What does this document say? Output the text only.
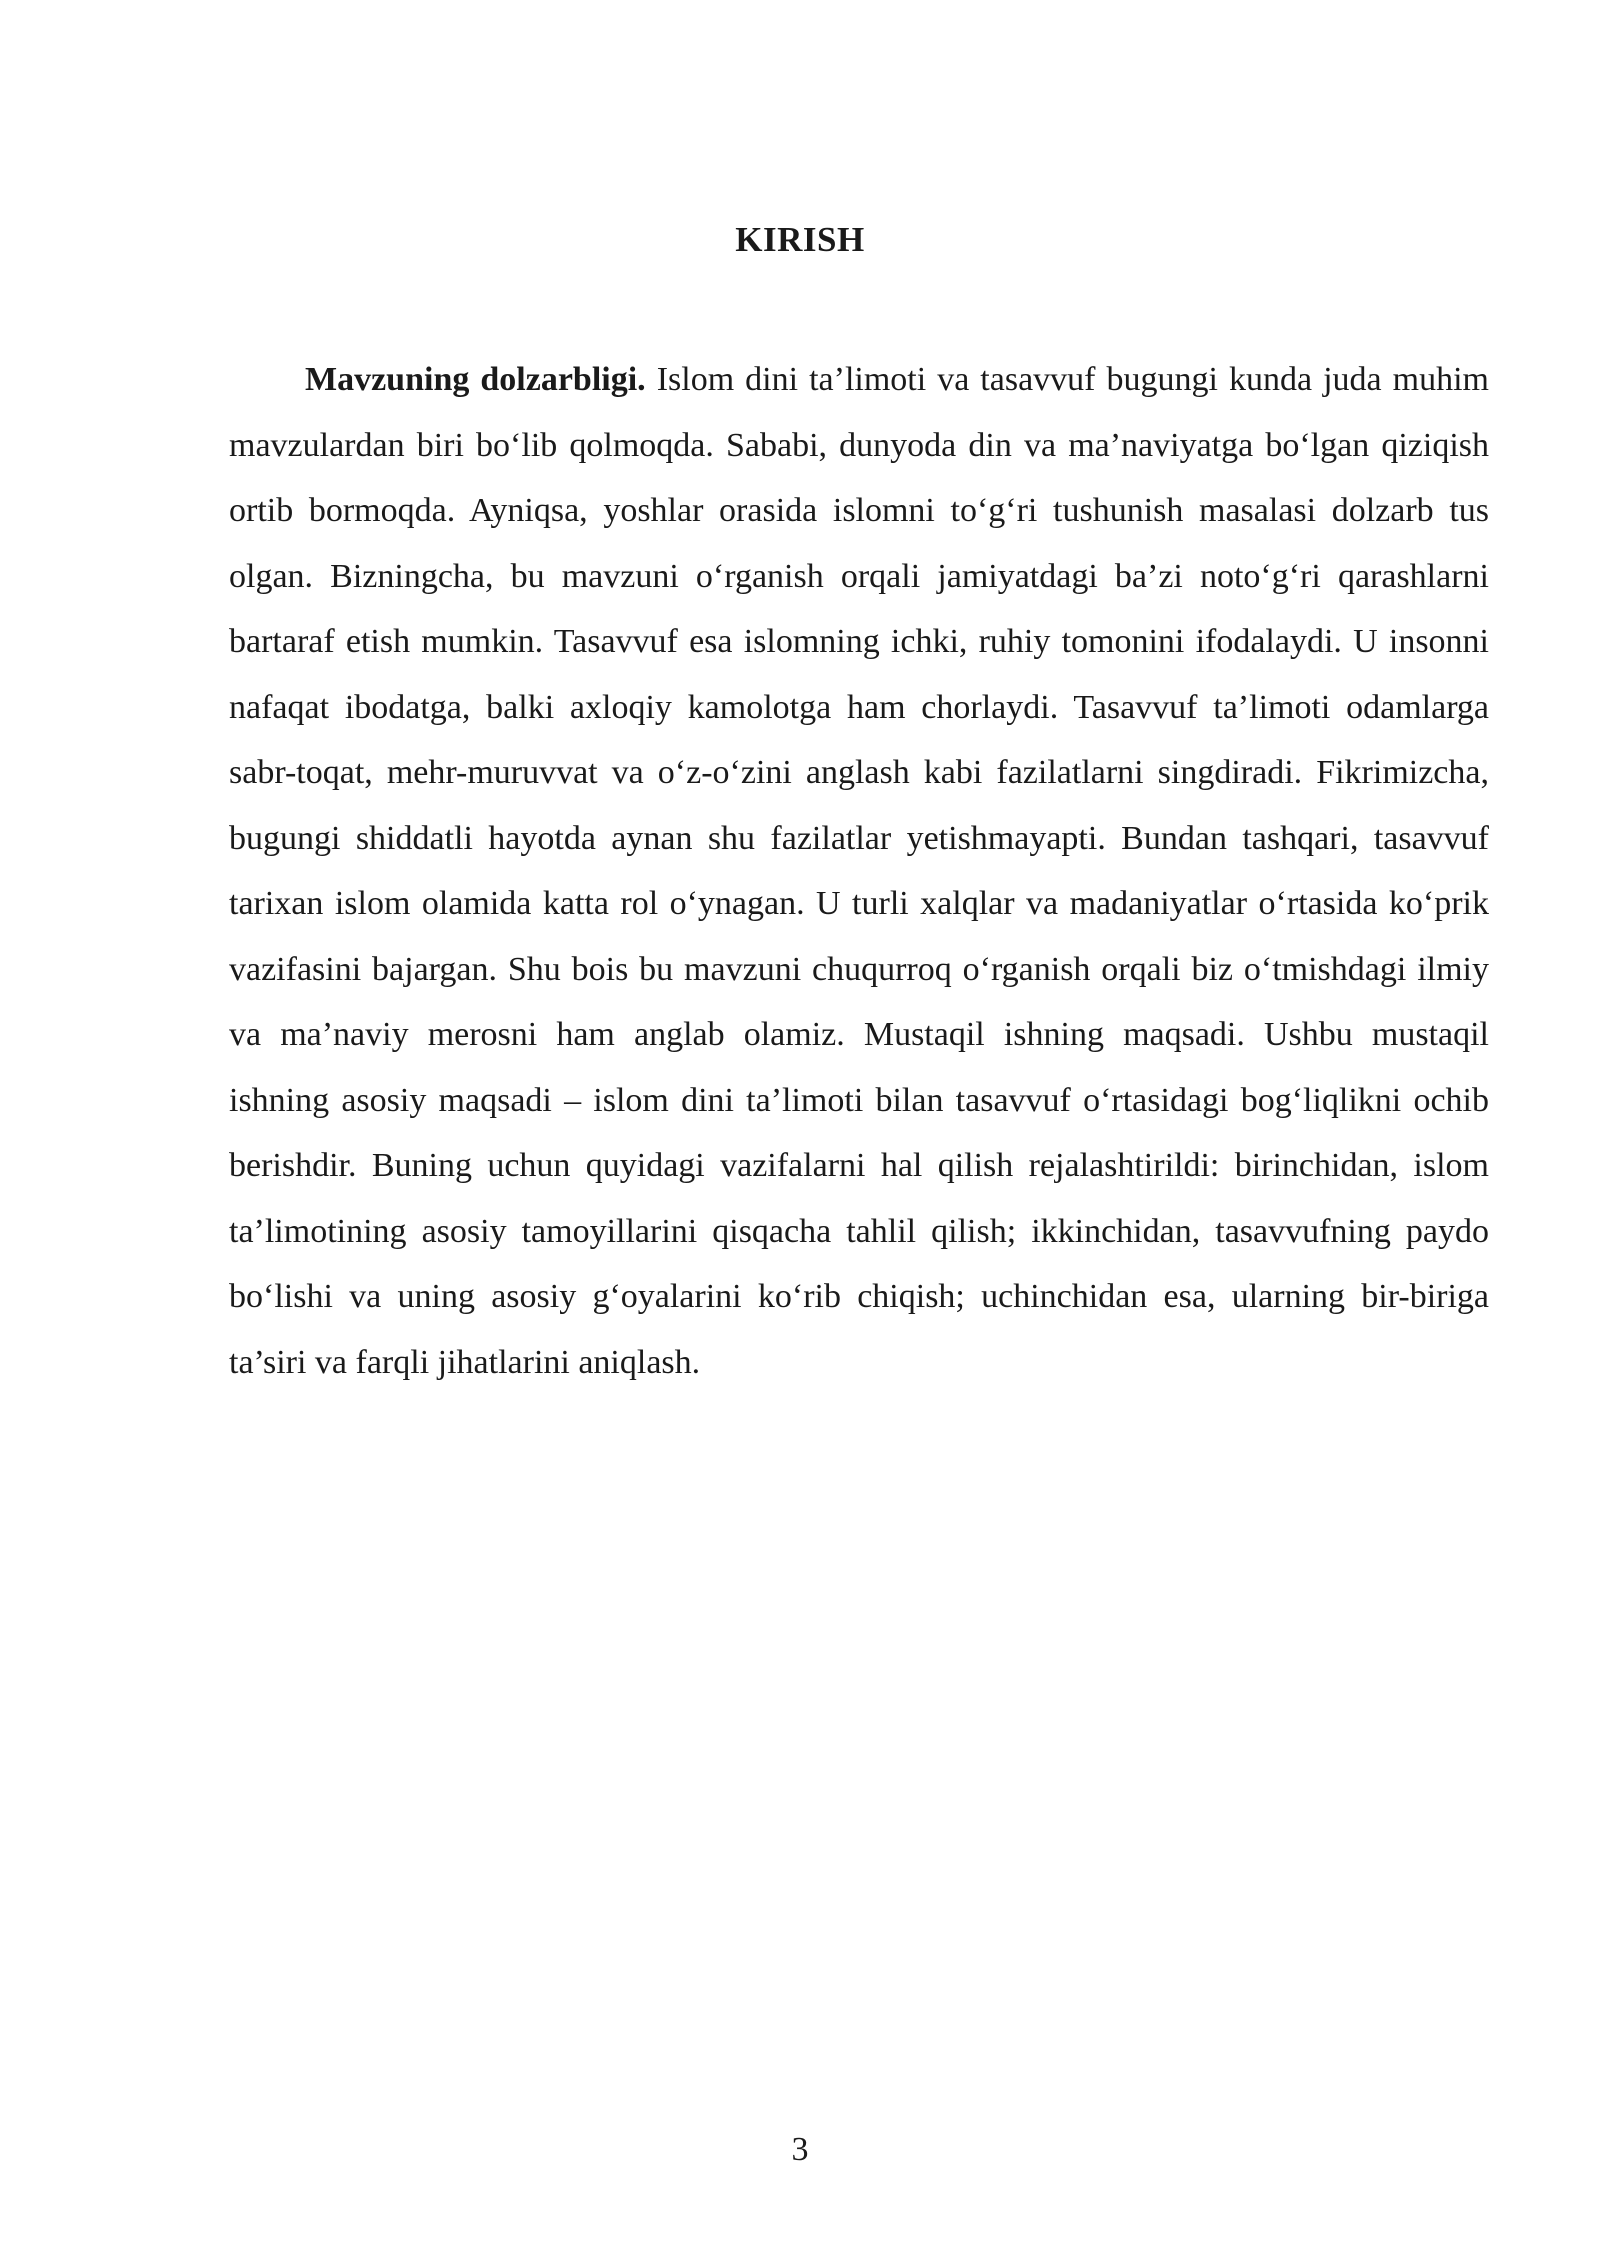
KIRISH

Mavzuning dolzarbligi. Islom dini ta’limoti va tasavvuf bugungi kunda juda muhim mavzulardan biri bo‘lib qolmoqda. Sababi, dunyoda din va ma’naviyatga bo‘lgan qiziqish ortib bormoqda. Ayniqsa, yoshlar orasida islomni to‘g‘ri tushunish masalasi dolzarb tus olgan. Bizningcha, bu mavzuni o‘rganish orqali jamiyatdagi ba’zi noto‘g‘ri qarashlarni bartaraf etish mumkin. Tasavvuf esa islomning ichki, ruhiy tomonini ifodalaydi. U insonni nafaqat ibodatga, balki axloqiy kamolotga ham chorlaydi. Tasavvuf ta’limoti odamlarga sabr-toqat, mehr-muruvvat va o‘z-o‘zini anglash kabi fazilatlarni singdiradi. Fikrimizcha, bugungi shiddatli hayotda aynan shu fazilatlar yetishmayapti. Bundan tashqari, tasavvuf tarixan islom olamida katta rol o‘ynagan. U turli xalqlar va madaniyatlar o‘rtasida ko‘prik vazifasini bajargan. Shu bois bu mavzuni chuqurroq o‘rganish orqali biz o‘tmishdagi ilmiy va ma’naviy merosni ham anglab olamiz. Mustaqil ishning maqsadi. Ushbu mustaqil ishning asosiy maqsadi – islom dini ta’limoti bilan tasavvuf o‘rtasidagi bog‘liqlikni ochib berishdir. Buning uchun quyidagi vazifalarni hal qilish rejalashtirildi: birinchidan, islom ta’limotining asosiy tamoyillarini qisqacha tahlil qilish; ikkinchidan, tasavvufning paydo bo‘lishi va uning asosiy g‘oyalarini ko‘rib chiqish; uchinchidan esa, ularning bir-biriga ta’siri va farqli jihatlarini aniqlash.

3
